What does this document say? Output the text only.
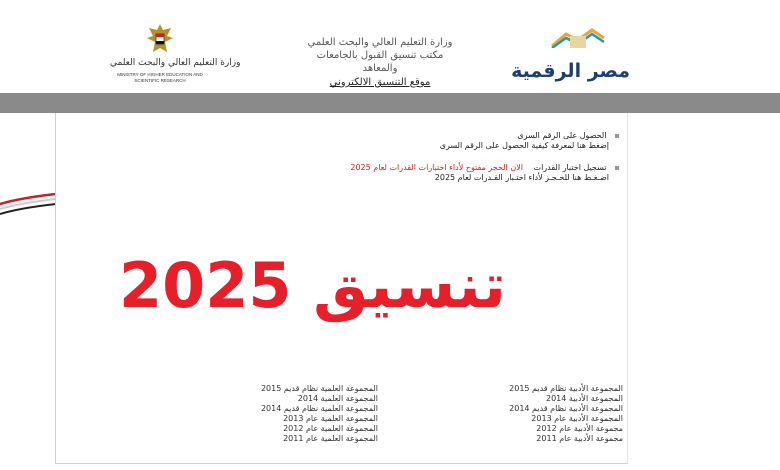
وزارة التعليم العالي والبحث العلمي
MINISTRY OF HIGHER EDUCATION AND SCIENTIFIC RESEARCH
وزارة التعليم العالي والبحث العلمي
مكتب تنسيق القبول بالجامعات والمعاهد
موقع التنسيق الالكتروني
مصر الرقمية
الحصول على الرقم السرى
إضغط هنا لمعرفة كيفية الحصول على الرقم السرى
تسجيل اختبار القدرات الان الحجز مفتوح لأداء اختبارات القدرات لعام 2025
اضـغـط هنا للحـجـز لأداء اختـبار القـدرات لعام 2025
تنسيق 2025
المجموعة العلمية نظام قديم 2015
المجموعة العلمية 2014
المجموعة العلمية نظام قديم 2014
المجموعة العلمية عام 2013
المجموعة العلمية عام 2012
المجموعة العلمية عام 2011
المجموعة الأدبية نظام قديم 2015
المجموعة الأدبية 2014
المجموعة الأدبية نظام قديم 2014
المجموعة الأدبية عام 2013
مجموعة الأدبية عام 2012
مجموعة الأدبية عام 2011
